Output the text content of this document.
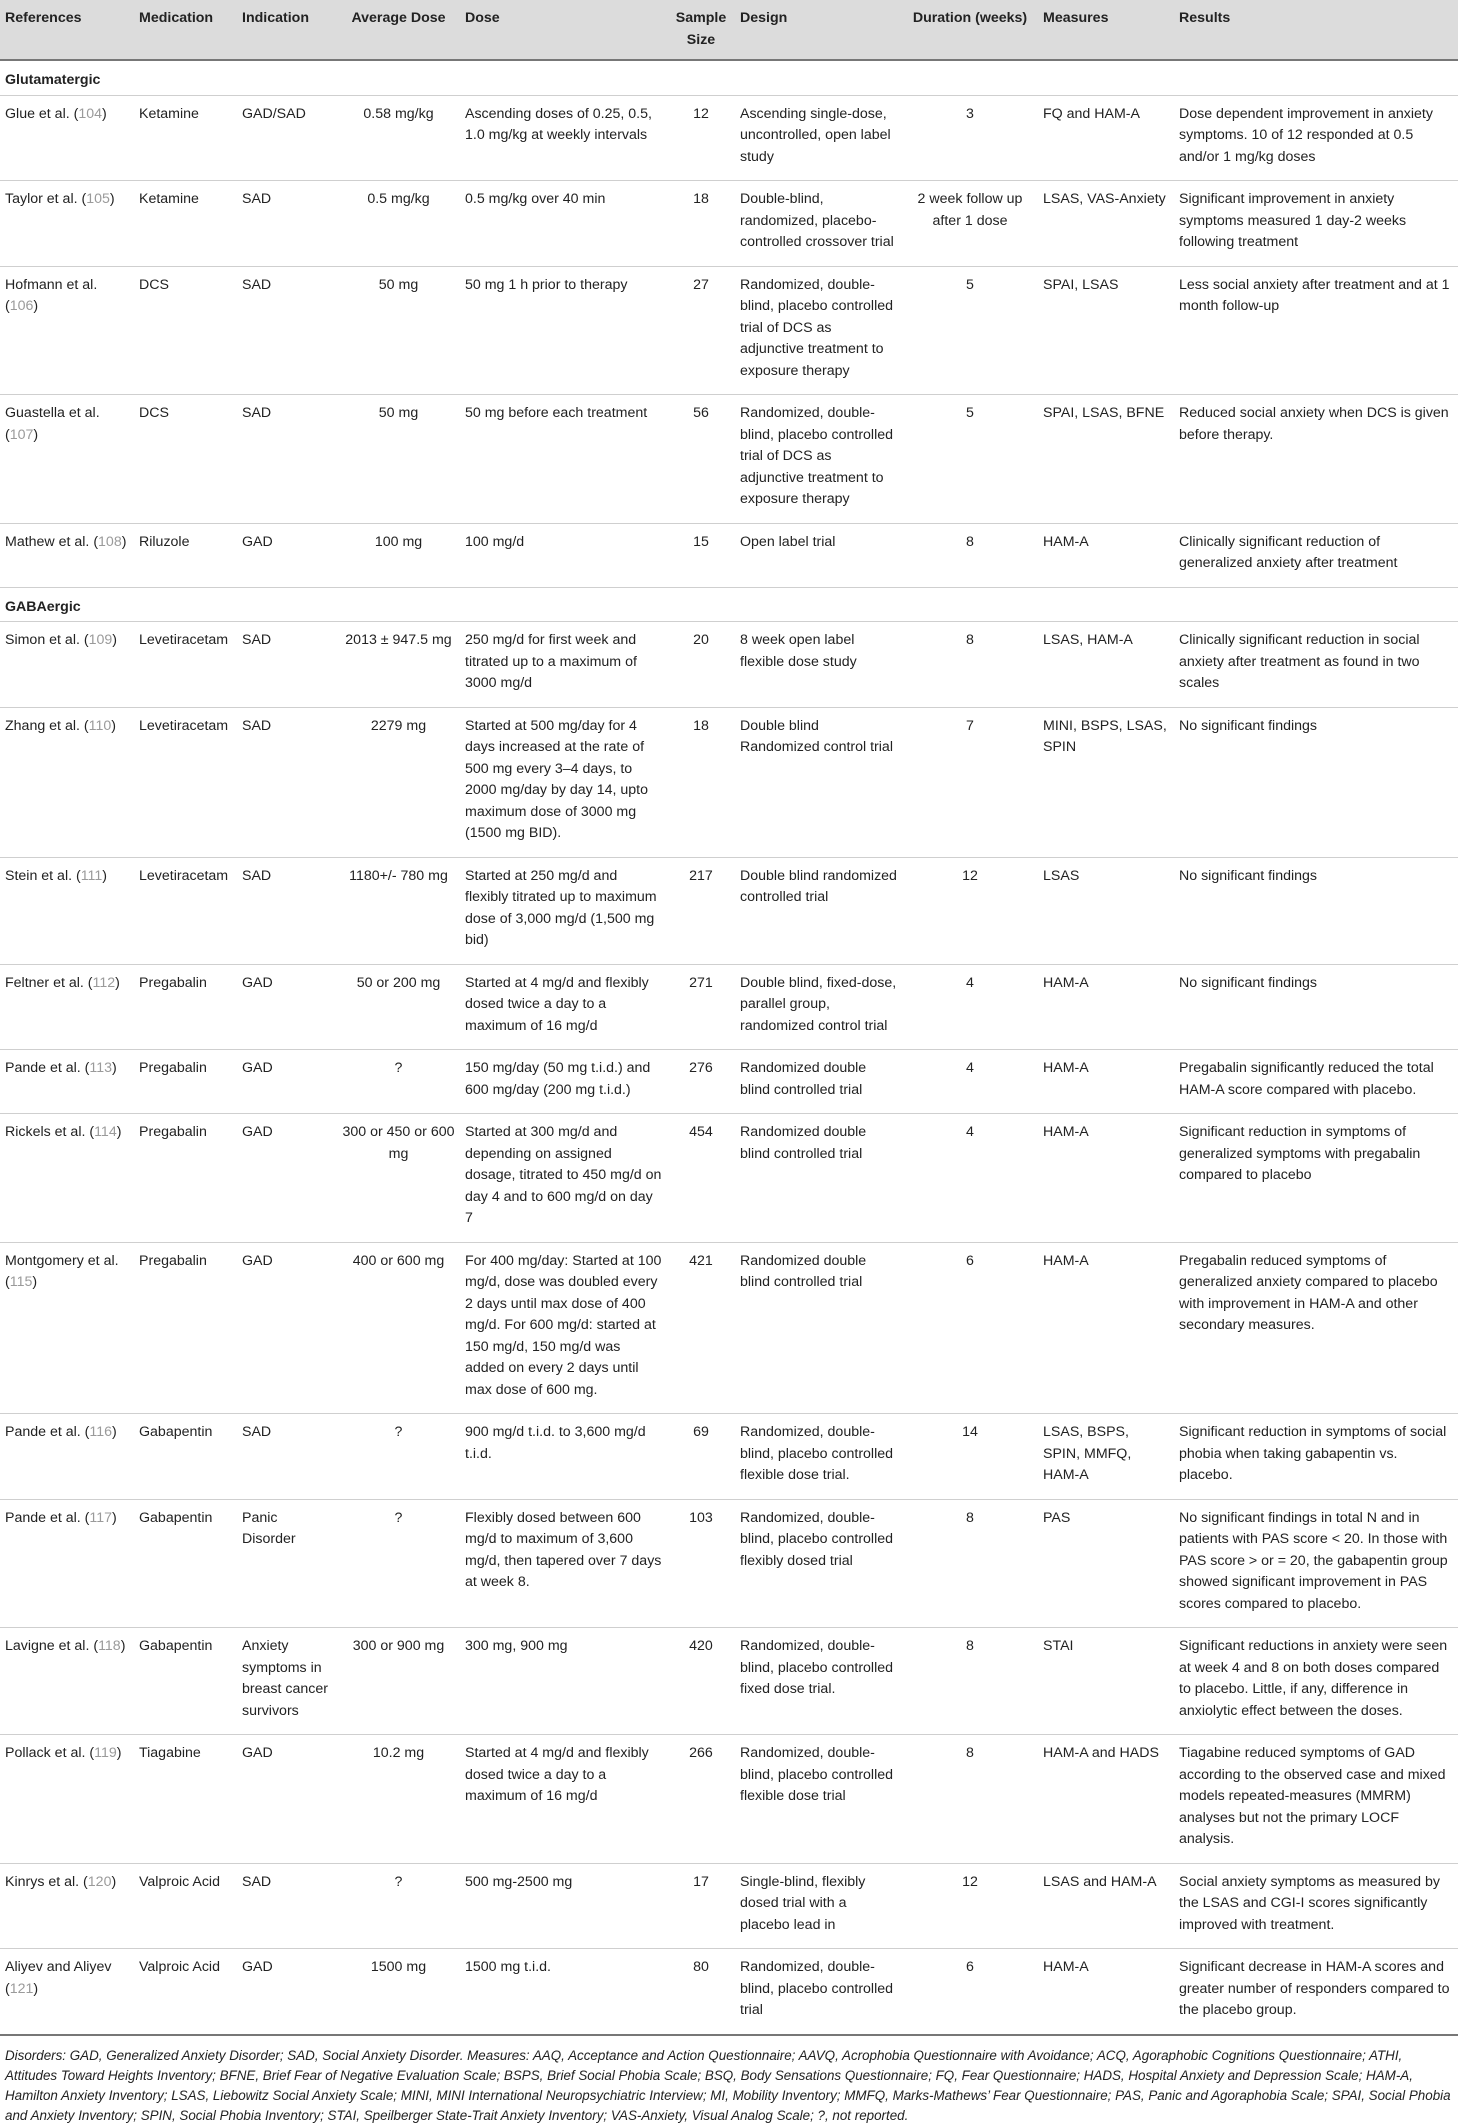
References	Medication	Indication	Average Dose	Dose	Sample Size	Design	Duration (weeks)	Measures	Results
Glutamatergic									
Glue et al. (104)	Ketamine	GAD/SAD	0.58 mg/kg	Ascending doses of 0.25, 0.5, 1.0 mg/kg at weekly intervals	12	Ascending single-dose, uncontrolled, open label study	3	FQ and HAM-A	Dose dependent improvement in anxiety symptoms. 10 of 12 responded at 0.5 and/or 1 mg/kg doses
Taylor et al. (105)	Ketamine	SAD	0.5 mg/kg	0.5 mg/kg over 40 min	18	Double-blind, randomized, placebo-controlled crossover trial	2 week follow up after 1 dose	LSAS, VAS-Anxiety	Significant improvement in anxiety symptoms measured 1 day-2 weeks following treatment
Hofmann et al. (106)	DCS	SAD	50 mg	50 mg 1 h prior to therapy	27	Randomized, double-blind, placebo controlled trial of DCS as adjunctive treatment to exposure therapy	5	SPAI, LSAS	Less social anxiety after treatment and at 1 month follow-up
Guastella et al. (107)	DCS	SAD	50 mg	50 mg before each treatment	56	Randomized, double-blind, placebo controlled trial of DCS as adjunctive treatment to exposure therapy	5	SPAI, LSAS, BFNE	Reduced social anxiety when DCS is given before therapy.
Mathew et al. (108)	Riluzole	GAD	100 mg	100 mg/d	15	Open label trial	8	HAM-A	Clinically significant reduction of generalized anxiety after treatment
GABAergic									
Simon et al. (109)	Levetiracetam	SAD	2013 ± 947.5 mg	250 mg/d for first week and titrated up to a maximum of 3000 mg/d	20	8 week open label flexible dose study	8	LSAS, HAM-A	Clinically significant reduction in social anxiety after treatment as found in two scales
Zhang et al. (110)	Levetiracetam	SAD	2279 mg	Started at 500 mg/day for 4 days increased at the rate of 500 mg every 3–4 days, to 2000 mg/day by day 14, upto maximum dose of 3000 mg (1500 mg BID).	18	Double blind Randomized control trial	7	MINI, BSPS, LSAS, SPIN	No significant findings
Stein et al. (111)	Levetiracetam	SAD	1180+/- 780 mg	Started at 250 mg/d and flexibly titrated up to maximum dose of 3,000 mg/d (1,500 mg bid)	217	Double blind randomized controlled trial	12	LSAS	No significant findings
Feltner et al. (112)	Pregabalin	GAD	50 or 200 mg	Started at 4 mg/d and flexibly dosed twice a day to a maximum of 16 mg/d	271	Double blind, fixed-dose, parallel group, randomized control trial	4	HAM-A	No significant findings
Pande et al. (113)	Pregabalin	GAD	?	150 mg/day (50 mg t.i.d.) and 600 mg/day (200 mg t.i.d.)	276	Randomized double blind controlled trial	4	HAM-A	Pregabalin significantly reduced the total HAM-A score compared with placebo.
Rickels et al. (114)	Pregabalin	GAD	300 or 450 or 600 mg	Started at 300 mg/d and depending on assigned dosage, titrated to 450 mg/d on day 4 and to 600 mg/d on day 7	454	Randomized double blind controlled trial	4	HAM-A	Significant reduction in symptoms of generalized symptoms with pregabalin compared to placebo
Montgomery et al. (115)	Pregabalin	GAD	400 or 600 mg	For 400 mg/day: Started at 100 mg/d, dose was doubled every 2 days until max dose of 400 mg/d. For 600 mg/d: started at 150 mg/d, 150 mg/d was added on every 2 days until max dose of 600 mg.	421	Randomized double blind controlled trial	6	HAM-A	Pregabalin reduced symptoms of generalized anxiety compared to placebo with improvement in HAM-A and other secondary measures.
Pande et al. (116)	Gabapentin	SAD	?	900 mg/d t.i.d. to 3,600 mg/d t.i.d.	69	Randomized, double-blind, placebo controlled flexible dose trial.	14	LSAS, BSPS, SPIN, MMFQ, HAM-A	Significant reduction in symptoms of social phobia when taking gabapentin vs. placebo.
Pande et al. (117)	Gabapentin	Panic Disorder	?	Flexibly dosed between 600 mg/d to maximum of 3,600 mg/d, then tapered over 7 days at week 8.	103	Randomized, double-blind, placebo controlled flexibly dosed trial	8	PAS	No significant findings in total N and in patients with PAS score < 20. In those with PAS score > or = 20, the gabapentin group showed significant improvement in PAS scores compared to placebo.
Lavigne et al. (118)	Gabapentin	Anxiety symptoms in breast cancer survivors	300 or 900 mg	300 mg, 900 mg	420	Randomized, double-blind, placebo controlled fixed dose trial.	8	STAI	Significant reductions in anxiety were seen at week 4 and 8 on both doses compared to placebo. Little, if any, difference in anxiolytic effect between the doses.
Pollack et al. (119)	Tiagabine	GAD	10.2 mg	Started at 4 mg/d and flexibly dosed twice a day to a maximum of 16 mg/d	266	Randomized, double-blind, placebo controlled flexible dose trial	8	HAM-A and HADS	Tiagabine reduced symptoms of GAD according to the observed case and mixed models repeated-measures (MMRM) analyses but not the primary LOCF analysis.
Kinrys et al. (120)	Valproic Acid	SAD	?	500 mg-2500 mg	17	Single-blind, flexibly dosed trial with a placebo lead in	12	LSAS and HAM-A	Social anxiety symptoms as measured by the LSAS and CGI-I scores significantly improved with treatment.
Aliyev and Aliyev (121)	Valproic Acid	GAD	1500 mg	1500 mg t.i.d.	80	Randomized, double-blind, placebo controlled trial	6	HAM-A	Significant decrease in HAM-A scores and greater number of responders compared to the placebo group.
Disorders: GAD, Generalized Anxiety Disorder; SAD, Social Anxiety Disorder. Measures: AAQ, Acceptance and Action Questionnaire; AAVQ, Acrophobia Questionnaire with Avoidance; ACQ, Agoraphobic Cognitions Questionnaire; ATHI, Attitudes Toward Heights Inventory; BFNE, Brief Fear of Negative Evaluation Scale; BSPS, Brief Social Phobia Scale; BSQ, Body Sensations Questionnaire; FQ, Fear Questionnaire; HADS, Hospital Anxiety and Depression Scale; HAM-A, Hamilton Anxiety Inventory; LSAS, Liebowitz Social Anxiety Scale; MINI, MINI International Neuropsychiatric Interview; MI, Mobility Inventory; MMFQ, Marks-Mathews’ Fear Questionnaire; PAS, Panic and Agoraphobia Scale; SPAI, Social Phobia and Anxiety Inventory; SPIN, Social Phobia Inventory; STAI, Speilberger State-Trait Anxiety Inventory; VAS-Anxiety, Visual Analog Scale; ?, not reported.
